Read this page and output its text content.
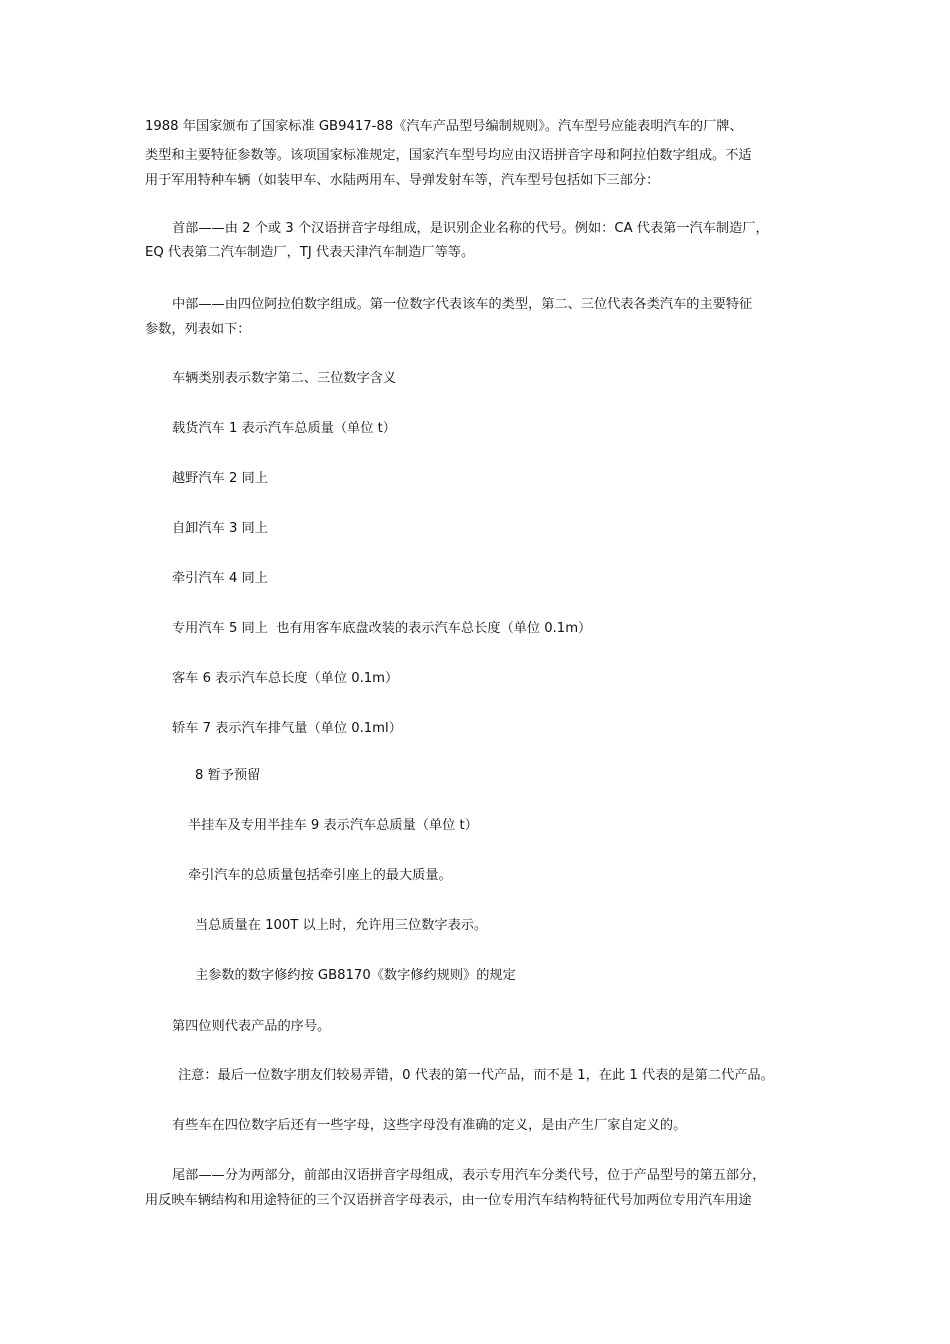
1988 年国家颁布了国家标准 GB9417-88《汽车产品型号编制规则》。汽车型号应能表明汽车的厂牌、
类型和主要特征参数等。该项国家标准规定，国家汽车型号均应由汉语拼音字母和阿拉伯数字组成。不适
用于军用特种车辆（如装甲车、水陆两用车、导弹发射车等，汽车型号包括如下三部分：
首部——由 2 个或 3 个汉语拼音字母组成，是识别企业名称的代号。例如：CA 代表第一汽车制造厂，
EQ 代表第二汽车制造厂，TJ 代表天津汽车制造厂等等。
中部——由四位阿拉伯数字组成。第一位数字代表该车的类型，第二、三位代表各类汽车的主要特征
参数，列表如下：
车辆类别表示数字第二、三位数字含义
载货汽车 1 表示汽车总质量（单位 t）
越野汽车 2 同上
自卸汽车 3 同上
牵引汽车 4 同上
专用汽车 5 同上  也有用客车底盘改装的表示汽车总长度（单位 0.1m）
客车 6 表示汽车总长度（单位 0.1m）
轿车 7 表示汽车排气量（单位 0.1ml）
8 暂予预留
半挂车及专用半挂车 9 表示汽车总质量（单位 t）
牵引汽车的总质量包括牵引座上的最大质量。
当总质量在 100T 以上时，允许用三位数字表示。
主参数的数字修约按 GB8170《数字修约规则》的规定
第四位则代表产品的序号。
注意：最后一位数字朋友们较易弄错，0 代表的第一代产品，而不是 1，在此 1 代表的是第二代产品。
有些车在四位数字后还有一些字母，这些字母没有准确的定义，是由产生厂家自定义的。
尾部——分为两部分，前部由汉语拼音字母组成，表示专用汽车分类代号，位于产品型号的第五部分，
用反映车辆结构和用途特征的三个汉语拼音字母表示，由一位专用汽车结构特征代号加两位专用汽车用途
